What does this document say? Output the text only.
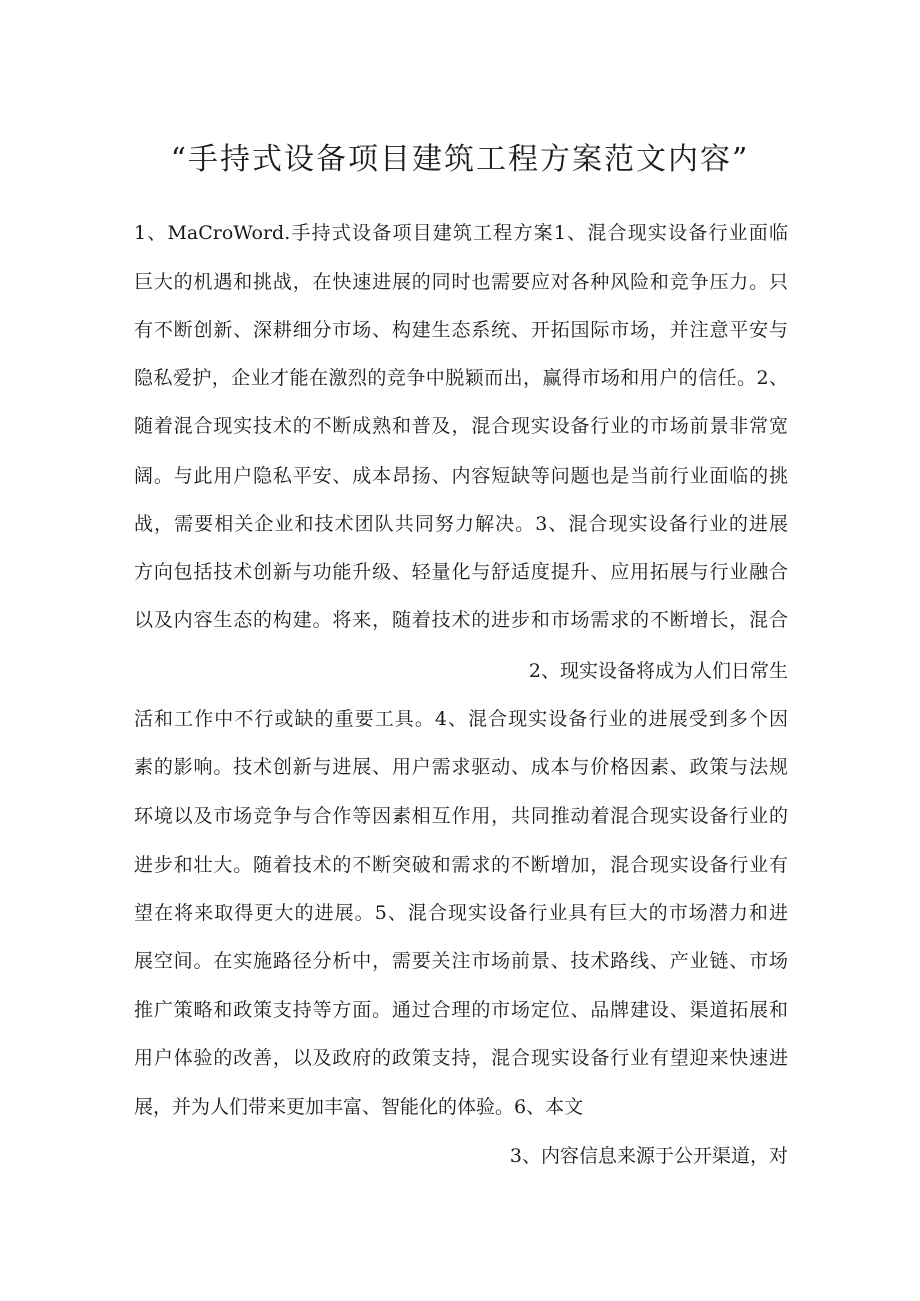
“手持式设备项目建筑工程方案范文内容”
1、MaCroWord.手持式设备项目建筑工程方案1、混合现实设备行业面临
巨大的机遇和挑战，在快速进展的同时也需要应对各种风险和竞争压力。只
有不断创新、深耕细分市场、构建生态系统、开拓国际市场，并注意平安与
隐私爱护，企业才能在激烈的竞争中脱颖而出，赢得市场和用户的信任。2、
随着混合现实技术的不断成熟和普及，混合现实设备行业的市场前景非常宽
阔。与此用户隐私平安、成本昂扬、内容短缺等问题也是当前行业面临的挑
战，需要相关企业和技术团队共同努力解决。3、混合现实设备行业的进展
方向包括技术创新与功能升级、轻量化与舒适度提升、应用拓展与行业融合
以及内容生态的构建。将来，随着技术的进步和市场需求的不断增长，混合
2、现实设备将成为人们日常生
活和工作中不行或缺的重要工具。4、混合现实设备行业的进展受到多个因
素的影响。技术创新与进展、用户需求驱动、成本与价格因素、政策与法规
环境以及市场竞争与合作等因素相互作用，共同推动着混合现实设备行业的
进步和壮大。随着技术的不断突破和需求的不断增加，混合现实设备行业有
望在将来取得更大的进展。5、混合现实设备行业具有巨大的市场潜力和进
展空间。在实施路径分析中，需要关注市场前景、技术路线、产业链、市场
推广策略和政策支持等方面。通过合理的市场定位、品牌建设、渠道拓展和
用户体验的改善，以及政府的政策支持，混合现实设备行业有望迎来快速进
展，并为人们带来更加丰富、智能化的体验。6、本文
3、内容信息来源于公开渠道，对
